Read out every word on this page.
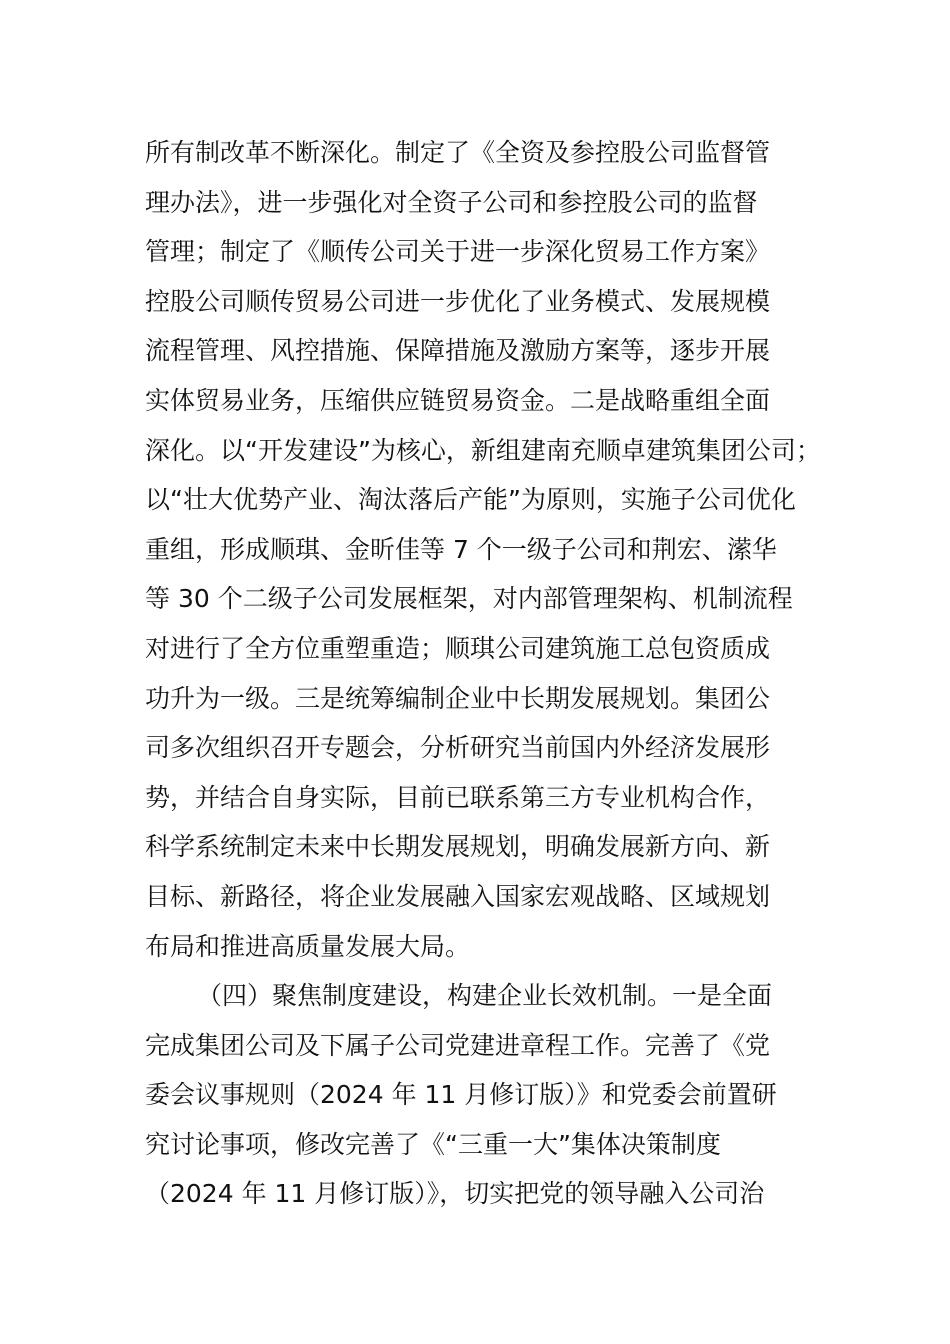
所有制改革不断深化。制定了《全资及参控股公司监督管
理办法》，进一步强化对全资子公司和参控股公司的监督
管理；制定了《顺传公司关于进一步深化贸易工作方案》
控股公司顺传贸易公司进一步优化了业务模式、发展规模
流程管理、风控措施、保障措施及激励方案等，逐步开展
实体贸易业务，压缩供应链贸易资金。二是战略重组全面
深化。以“开发建设”为核心，新组建南充顺卓建筑集团公司；
以“壮大优势产业、淘汰落后产能”为原则，实施子公司优化
重组，形成顺琪、金昕佳等 7 个一级子公司和荆宏、潆华
等 30 个二级子公司发展框架，对内部管理架构、机制流程
对进行了全方位重塑重造；顺琪公司建筑施工总包资质成
功升为一级。三是统筹编制企业中长期发展规划。集团公
司多次组织召开专题会，分析研究当前国内外经济发展形
势，并结合自身实际，目前已联系第三方专业机构合作，
科学系统制定未来中长期发展规划，明确发展新方向、新
目标、新路径，将企业发展融入国家宏观战略、区域规划
布局和推进高质量发展大局。
（四）聚焦制度建设，构建企业长效机制。一是全面
完成集团公司及下属子公司党建进章程工作。完善了《党
委会议事规则（2024 年 11 月修订版）》和党委会前置研
究讨论事项，修改完善了《“三重一大”集体决策制度
（2024 年 11 月修订版）》，切实把党的领导融入公司治
